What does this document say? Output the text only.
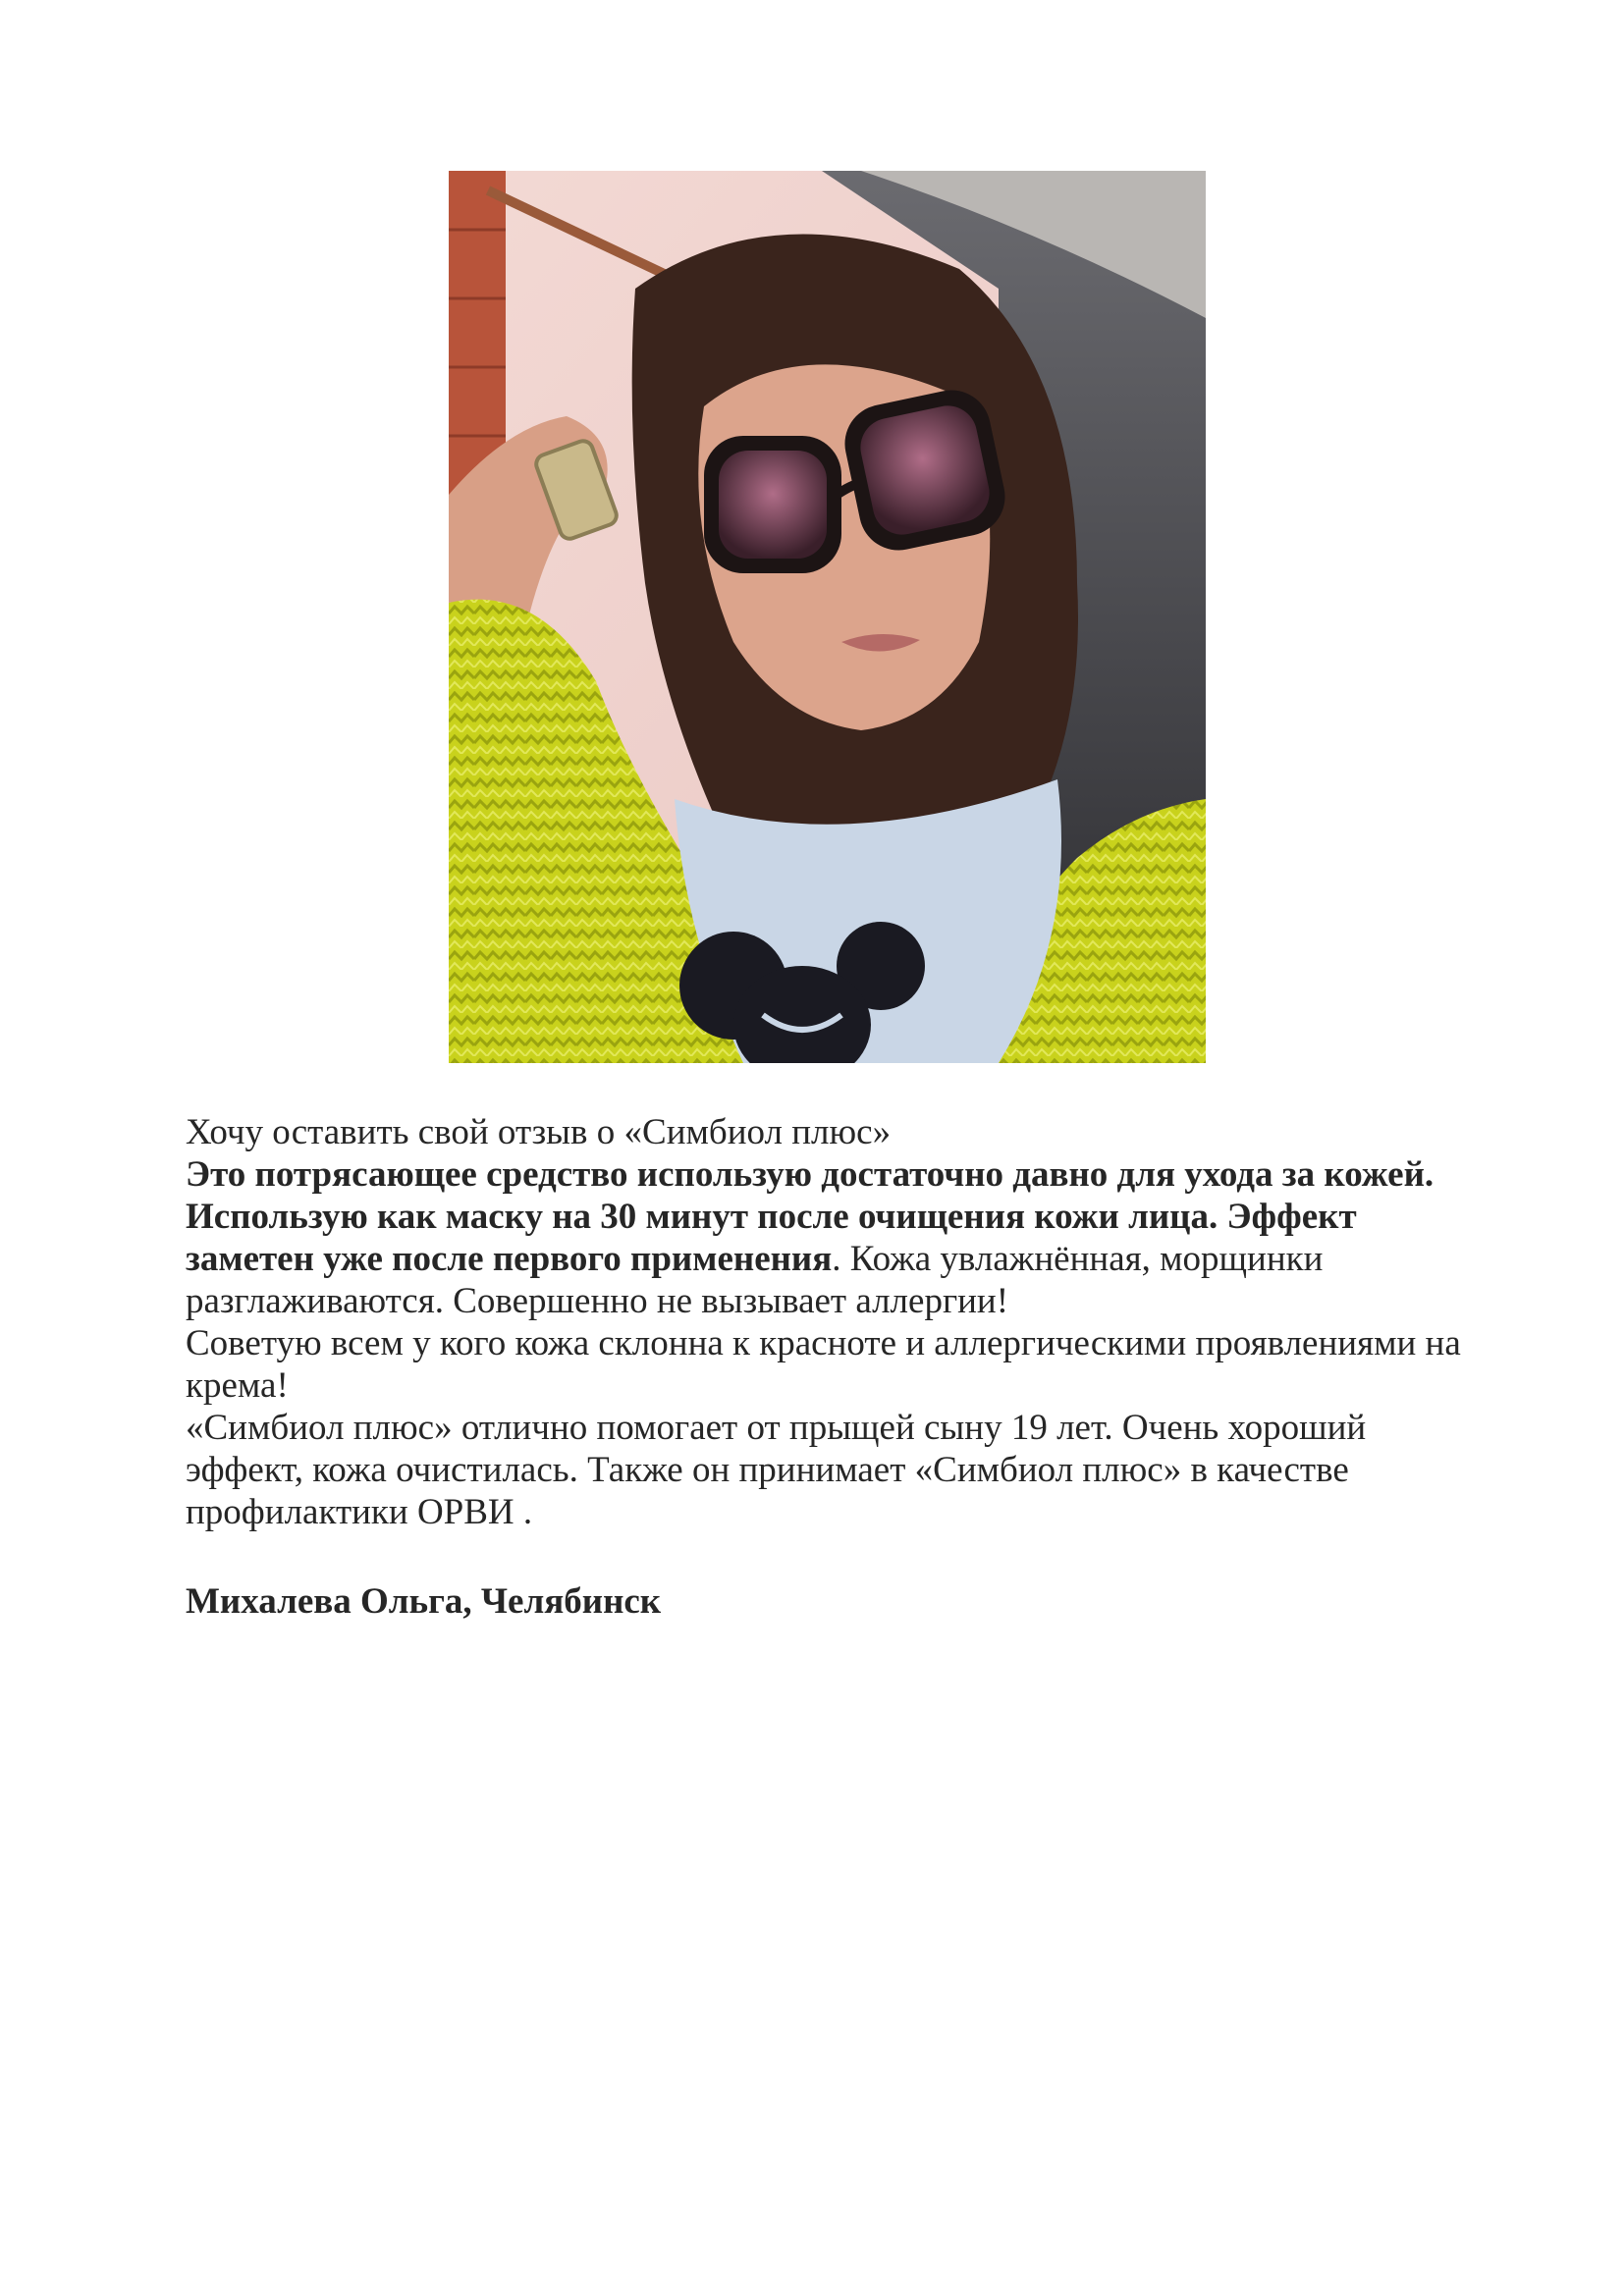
Хочу оставить свой отзыв о «Симбиол плюс»

Это потрясающее средство использую достаточно давно для ухода за кожей. Использую как маску на 30 минут после очищения кожи лица. Эффект заметен уже после первого применения. Кожа увлажнённая, морщинки разглаживаются. Совершенно не вызывает аллергии!

Советую всем у кого кожа склонна к красноте и аллергическими проявлениями на крема!

«Симбиол плюс» отлично помогает от прыщей сыну 19 лет. Очень хороший эффект, кожа очистилась. Также он принимает «Симбиол плюс» в качестве профилактики ОРВИ .

Михалева Ольга, Челябинск
